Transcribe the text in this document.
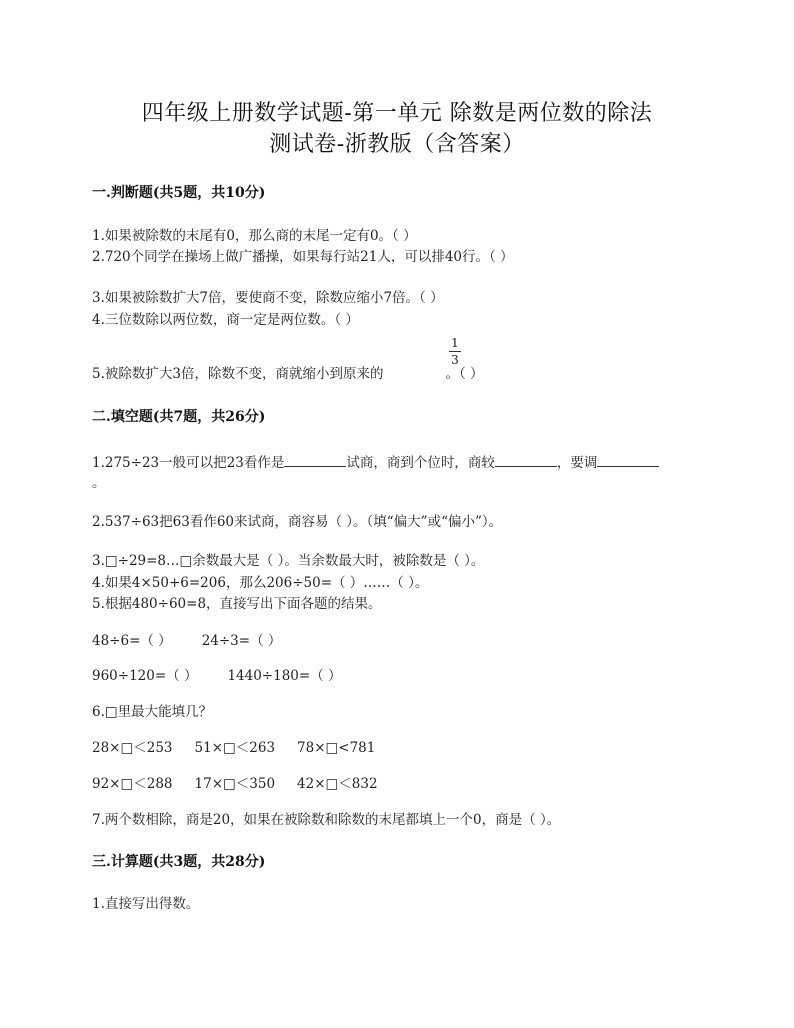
四年级上册数学试题-第一单元 除数是两位数的除法
测试卷-浙教版（含答案）
一.判断题(共5题，共10分)
1.如果被除数的末尾有0，那么商的末尾一定有0。（ ）
2.720个同学在操场上做广播操，如果每行站21人，可以排40行。（ ）
3.如果被除数扩大7倍，要使商不变，除数应缩小7倍。（ ）
4.三位数除以两位数，商一定是两位数。（ ）
5.被除数扩大3倍，除数不变，商就缩小到原来的	。（ ）
1
3
二.填空题(共7题，共26分)
1.275÷23一般可以把23看作是	试商，商到个位时，商较	，要调
。
2.537÷63把63看作60来试商，商容易（ ）。（填“偏大”或“偏小”）。
3.□÷29=8…□余数最大是（ ）。当余数最大时，被除数是（ ）。
4.如果4×50+6=206，那么206÷50=（ ）……（ ）。
5.根据480÷60=8，直接写出下面各题的结果。
48÷6=（ ） 24÷3=（ ）
960÷120=（ ） 1440÷180=（ ）
6.□里最大能填几？
28×□＜253 51×□＜263 78×□<781
92×□＜288 17×□＜350 42×□＜832
7.两个数相除，商是20，如果在被除数和除数的末尾都填上一个0，商是（ ）。
三.计算题(共3题，共28分)
1.直接写出得数。
